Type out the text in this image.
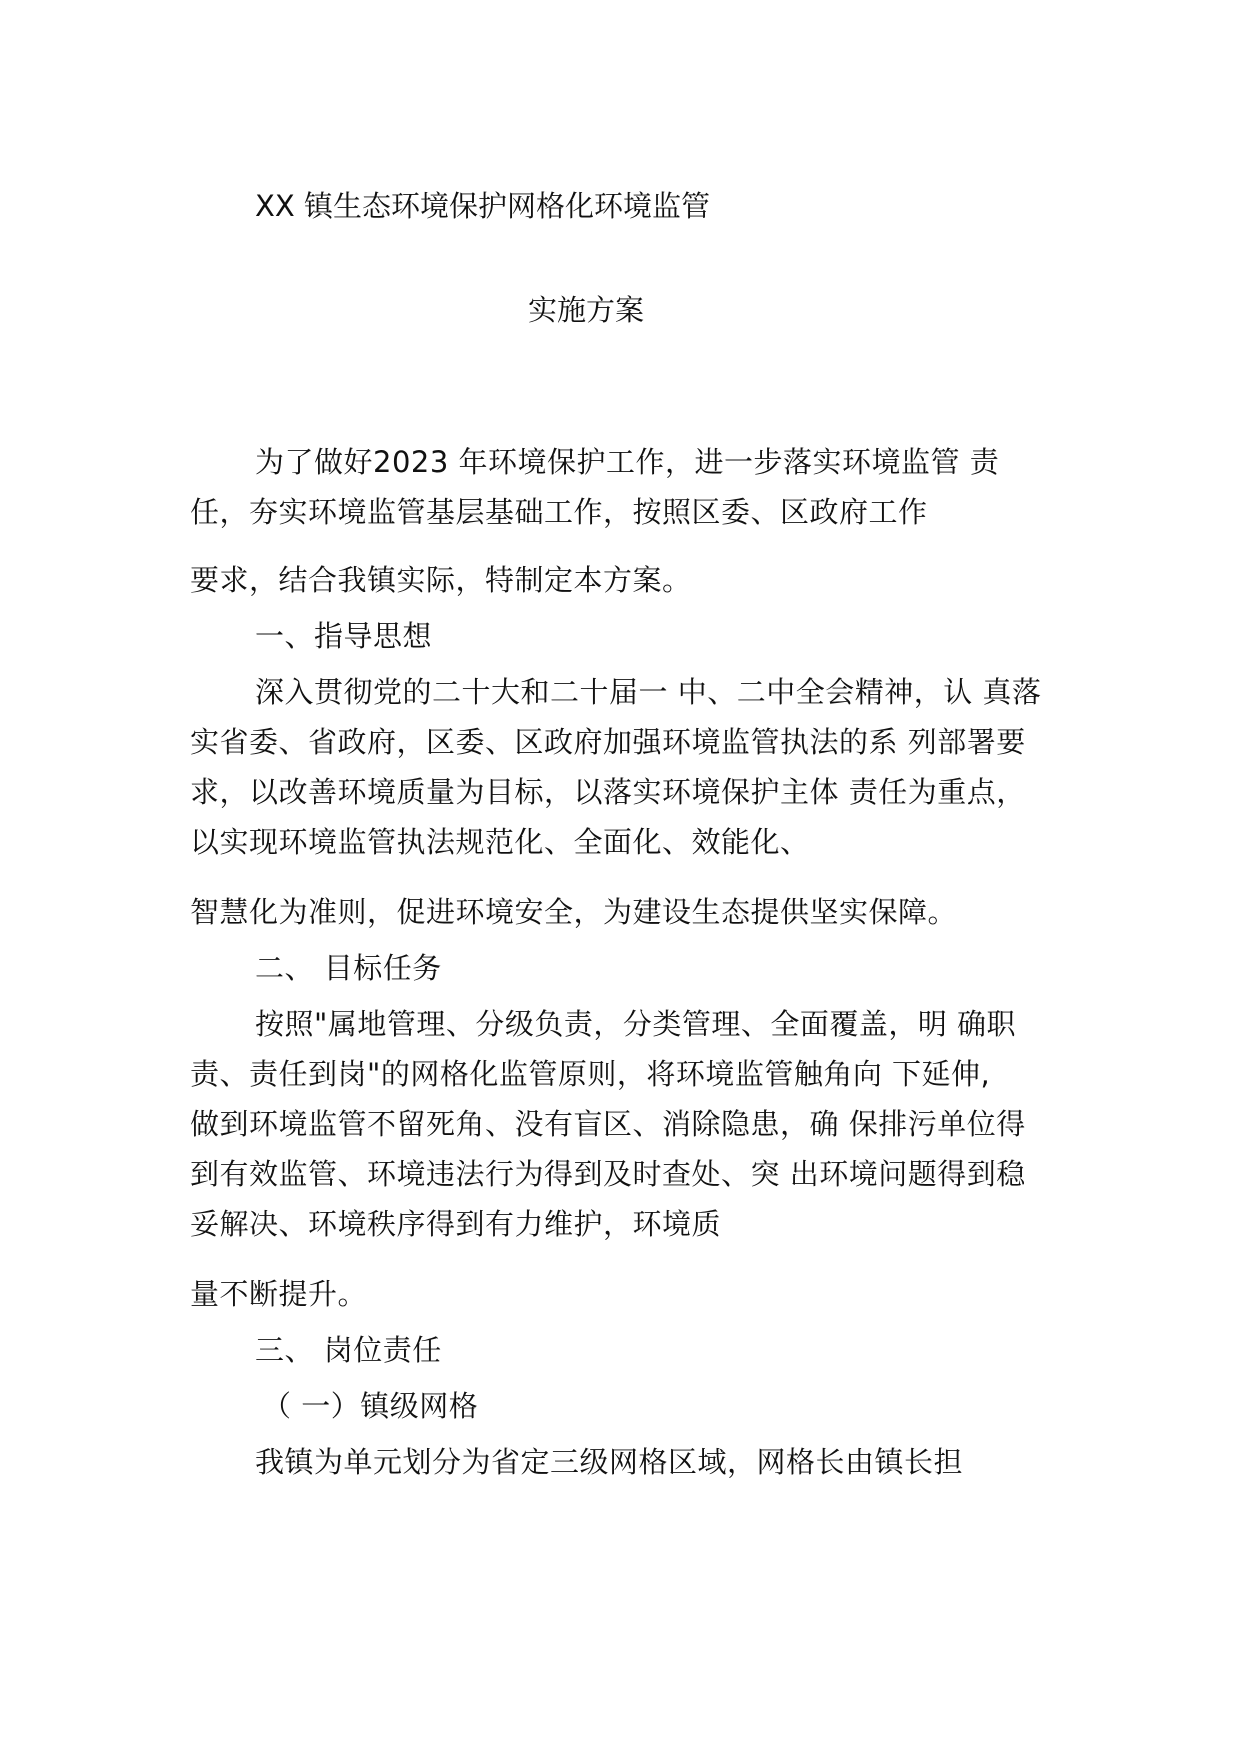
XX 镇生态环境保护网格化环境监管
实施方案
为了做好2023 年环境保护工作，进一步落实环境监管 责
任，夯实环境监管基层基础工作，按照区委、区政府工作
要求，结合我镇实际，特制定本方案。
一、指导思想
深入贯彻党的二十大和二十届一 中、二中全会精神，认 真落
实省委、省政府，区委、区政府加强环境监管执法的系 列部署要
求，以改善环境质量为目标，以落实环境保护主体 责任为重点，
以实现环境监管执法规范化、全面化、效能化、
智慧化为准则，促进环境安全，为建设生态提供坚实保障。
二、 目标任务
按照"属地管理、分级负责，分类管理、全面覆盖，明 确职
责、责任到岗"的网格化监管原则，将环境监管触角向 下延伸,
做到环境监管不留死角、没有盲区、消除隐患，确 保排污单位得
到有效监管、环境违法行为得到及时查处、突 出环境问题得到稳
妥解决、环境秩序得到有力维护，环境质
量不断提升。
三、 岗位责任
（ 一）镇级网格
我镇为单元划分为省定三级网格区域，网格长由镇长担
